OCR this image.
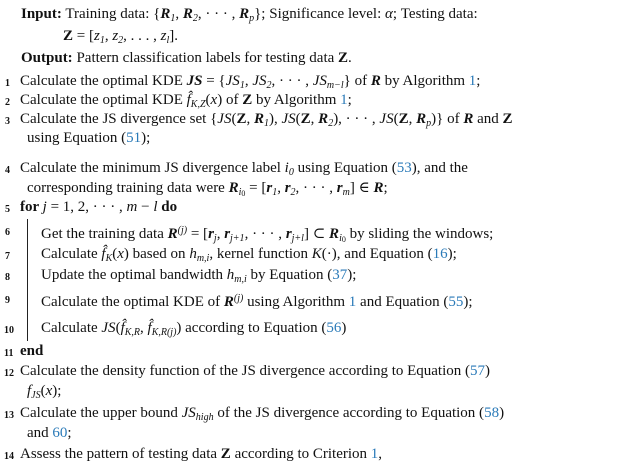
Input: Training data: {$R_1$, $R_2$, · · · , $R_p$}; Significance level: α; Testing data:
$Z = [z_1$, $z_2$, . . . , $z_l$].
Output: Pattern classification labels for testing data Z.
1 Calculate the optimal KDE JS = {$JS_1$, $JS_2$, · · · , $JS_{m-l}$} of R by Algorithm 1;
2 Calculate the optimal KDE $f̂_{K,Z}(x)$ of Z by Algorithm 1;
3 Calculate the JS divergence set {JS(Z, $R_1$), JS(Z, $R_2$), · · · , JS(Z, $R_p$)} of R and Z
using Equation (51);
4 Calculate the minimum JS divergence label $i_0$ using Equation (53), and the
corresponding training data were $R_{i0} = [r_1$, $r_2$, · · · , $r_m$] ∈ R;
5 for j = 1, 2, · · · , m − l do
6 Get the training data $R^{(j)} = [r_j$, $r_{j+1}$, · · · , $r_{j+l}$] ⊂ $R_{i0}$ by sliding the windows;
7 Calculate $f̂_K(x)$ based on $h_{m,i}$, kernel function K(·), and Equation (16);
8 Update the optimal bandwidth $h_{m,i}$ by Equation (37);
9 Calculate the optimal KDE of $R^{(j)}$ using Algorithm 1 and Equation (55);
10 Calculate $JS(f̂_{K,R}$, $f̂_{K,R(j)}$) according to Equation (56)
11 end
12 Calculate the density function of the JS divergence according to Equation (57)
$f_{JS}(x)$;
13 Calculate the upper bound $JS_{high}$ of the JS divergence according to Equation (58)
and 60;
14 Assess the pattern of testing data Z according to Criterion 1,
